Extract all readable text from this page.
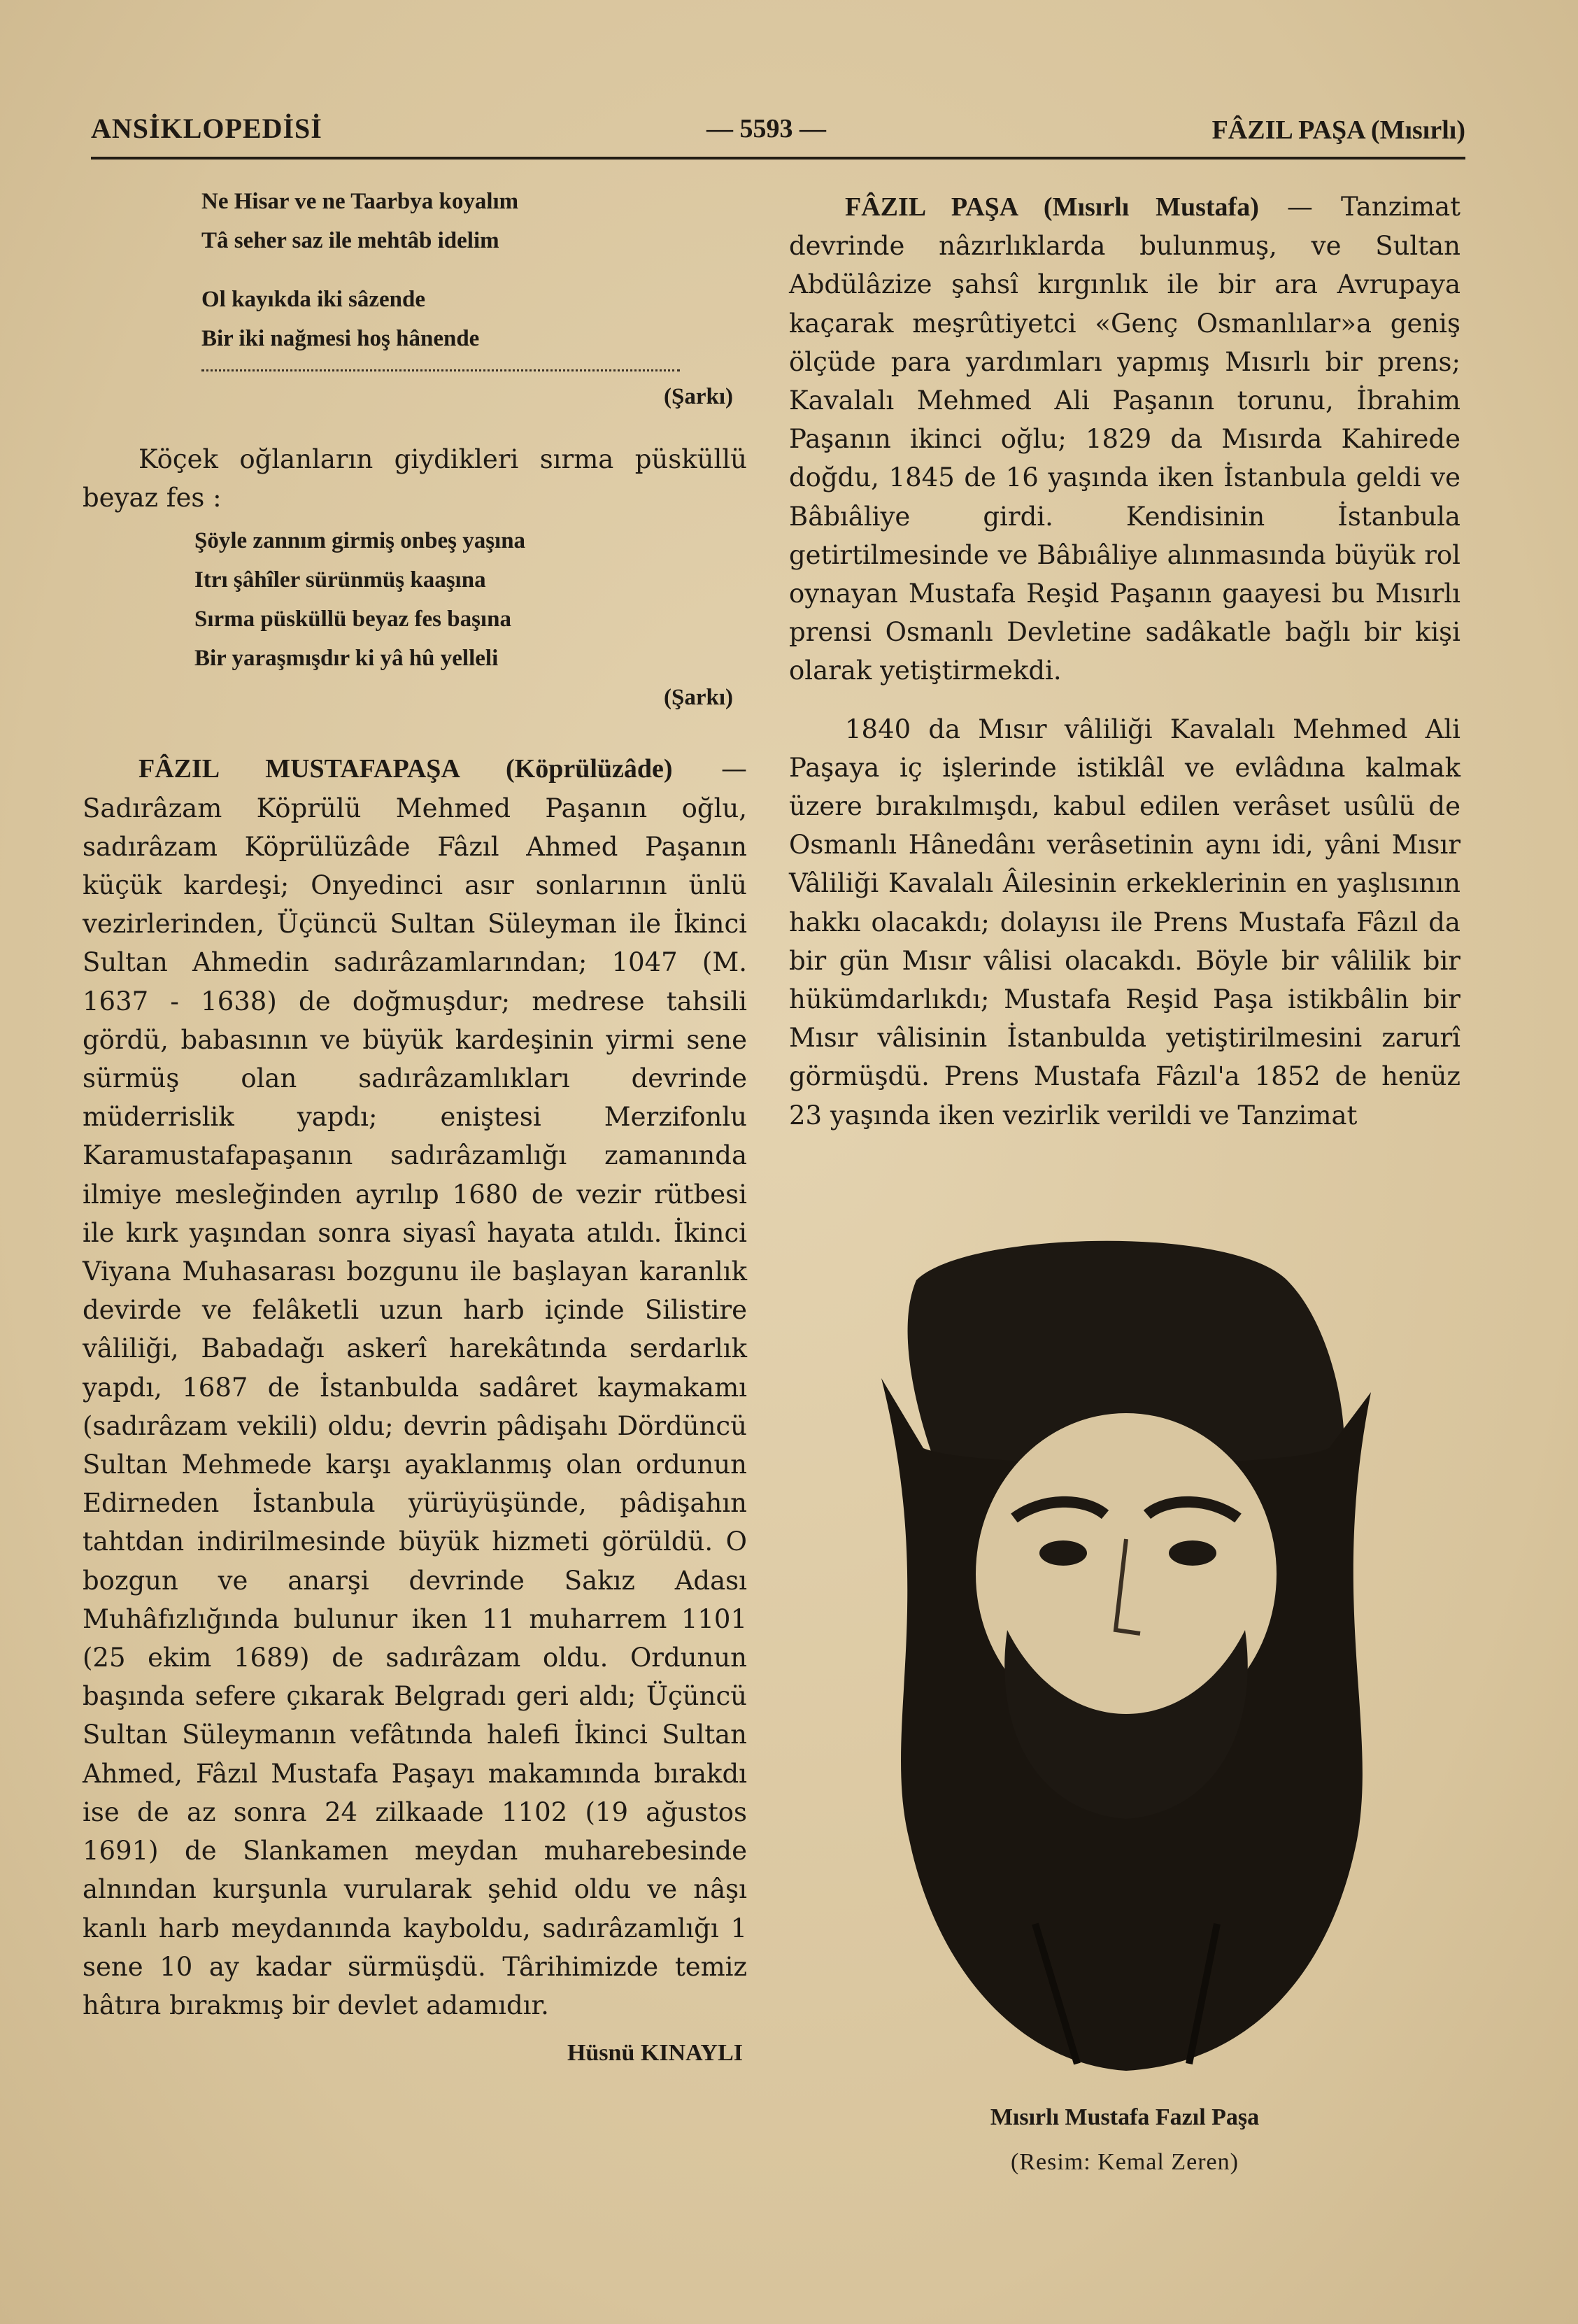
ANSİKLOPEDİSİ	— 5593 —	FÂZIL PAŞA (Mısırlı)

Ne Hisar ve ne Taarbya koyalım

Tâ seher saz ile mehtâb idelim

Ol kayıkda iki sâzende

Bir iki nağmesi hoş hânende

(Şarkı)

Köçek oğlanların giydikleri sırma püsküllü beyaz fes :

Şöyle zannım girmiş onbeş yaşına

Itrı şâhîler sürünmüş kaaşına

Sırma püsküllü beyaz fes başına

Bir yaraşmışdır ki yâ hû yelleli

(Şarkı)

FÂZIL MUSTAFAPAŞA (Köprülüzâde) — Sadırâzam Köprülü Mehmed Paşanın oğlu, sadırâzam Köprülüzâde Fâzıl Ahmed Paşanın küçük kardeşi; Onyedinci asır sonlarının ünlü vezirlerinden, Üçüncü Sultan Süleyman ile İkinci Sultan Ahmedin sadırâzamlarından; 1047 (M. 1637 - 1638) de doğmuşdur; medrese tahsili gördü, babasının ve büyük kardeşinin yirmi sene sürmüş olan sadırâzamlıkları devrinde müderrislik yapdı; eniştesi Merzifonlu Karamustafapaşanın sadırâzamlığı zamanında ilmiye mesleğinden ayrılıp 1680 de vezir rütbesi ile kırk yaşından sonra siyasî hayata atıldı. İkinci Viyana Muhasarası bozgunu ile başlayan karanlık devirde ve felâketli uzun harb içinde Silistire vâliliği, Babadağı askerî harekâtında serdarlık yapdı, 1687 de İstanbulda sadâret kaymakamı (sadırâzam vekili) oldu; devrin pâdişahı Dördüncü Sultan Mehmede karşı ayaklanmış olan ordunun Edirneden İstanbula yürüyüşünde, pâdişahın tahtdan indirilmesinde büyük hizmeti görüldü. O bozgun ve anarşi devrinde Sakız Adası Muhâfızlığında bulunur iken 11 muharrem 1101 (25 ekim 1689) de sadırâzam oldu. Ordunun başında sefere çıkarak Belgradı geri aldı; Üçüncü Sultan Süleymanın vefâtında halefi İkinci Sultan Ahmed, Fâzıl Mustafa Paşayı makamında bırakdı ise de az sonra 24 zilkaade 1102 (19 ağustos 1691) de Slankamen meydan muharebesinde alnından kurşunla vurularak şehid oldu ve nâşı kanlı harb meydanında kayboldu, sadırâzamlığı 1 sene 10 ay kadar sürmüşdü. Târihimizde temiz hâtıra bırakmış bir devlet adamıdır.

Hüsnü KINAYLI

FÂZIL PAŞA (Mısırlı Mustafa) — Tanzimat devrinde nâzırlıklarda bulunmuş, ve Sultan Abdülâzize şahsî kırgınlık ile bir ara Avrupaya kaçarak meşrûtiyetci «Genç Osmanlılar»a geniş ölçüde para yardımları yapmış Mısırlı bir prens; Kavalalı Mehmed Ali Paşanın torunu, İbrahim Paşanın ikinci oğlu; 1829 da Mısırda Kahirede doğdu, 1845 de 16 yaşında iken İstanbula geldi ve Bâbıâliye girdi. Kendisinin İstanbula getirtilmesinde ve Bâbıâliye alınmasında büyük rol oynayan Mustafa Reşid Paşanın gaayesi bu Mısırlı prensi Osmanlı Devletine sadâkatle bağlı bir kişi olarak yetiştirmekdi.

1840 da Mısır vâliliği Kavalalı Mehmed Ali Paşaya iç işlerinde istiklâl ve evlâdına kalmak üzere bırakılmışdı, kabul edilen verâset usûlü de Osmanlı Hânedânı verâsetinin aynı idi, yâni Mısır Vâliliği Kavalalı Âilesinin erkeklerinin en yaşlısının hakkı olacakdı; dolayısı ile Prens Mustafa Fâzıl da bir gün Mısır vâlisi olacakdı. Böyle bir vâlilik bir hükümdarlıkdı; Mustafa Reşid Paşa istikbâlin bir Mısır vâlisinin İstanbulda yetiştirilmesini zarurî görmüşdü. Prens Mustafa Fâzıl'a 1852 de henüz 23 yaşında iken vezirlik verildi ve Tanzimat

Mısırlı Mustafa Fazıl Paşa
(Resim: Kemal Zeren)
